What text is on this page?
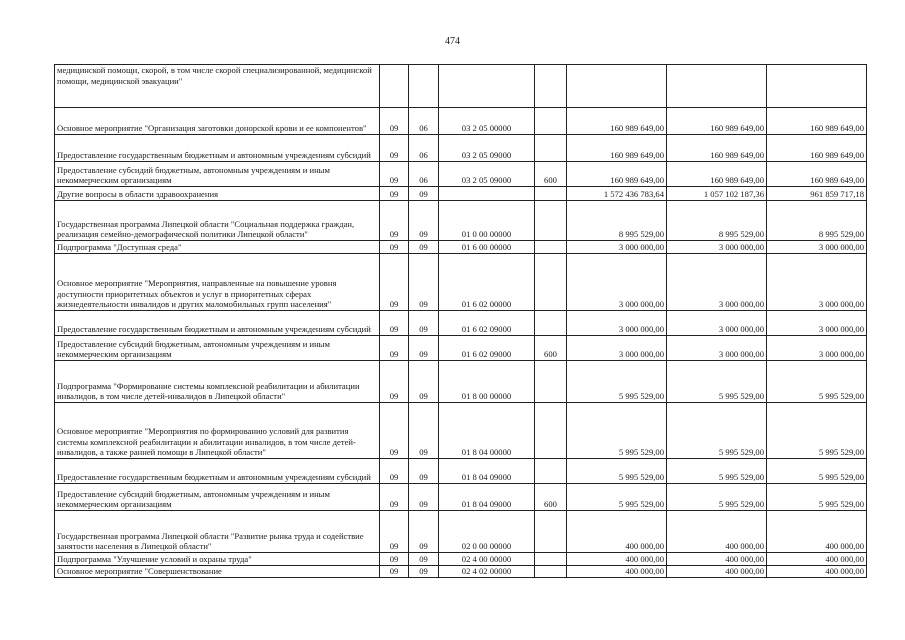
474
медицинской помощи, скорой, в том числе скорой специализированной, медицинской помощи, медицинской эвакуации"							
Основное мероприятие "Организация заготовки донорской крови и ее компонентов"	09	06	03 2 05 00000		160 989 649,00	160 989 649,00	160 989 649,00
Предоставление государственным бюджетным и автономным учреждениям субсидий	09	06	03 2 05 09000		160 989 649,00	160 989 649,00	160 989 649,00
Предоставление субсидий бюджетным, автономным учреждениям и иным некоммерческим организациям	09	06	03 2 05 09000	600	160 989 649,00	160 989 649,00	160 989 649,00
Другие вопросы в области здравоохранения	09	09			1 572 436 783,64	1 057 102 187,36	961 859 717,18
Государственная программа Липецкой области "Социальная поддержка граждан, реализация семейно-демографической политики Липецкой области"	09	09	01 0 00 00000		8 995 529,00	8 995 529,00	8 995 529,00
Подпрограмма "Доступная среда"	09	09	01 6 00 00000		3 000 000,00	3 000 000,00	3 000 000,00
Основное мероприятие "Мероприятия, направленные на повышение уровня доступности приоритетных объектов и услуг в приоритетных сферах жизнедеятельности инвалидов и других маломобильных групп населения"	09	09	01 6 02 00000		3 000 000,00	3 000 000,00	3 000 000,00
Предоставление государственным бюджетным и автономным учреждениям субсидий	09	09	01 6 02 09000		3 000 000,00	3 000 000,00	3 000 000,00
Предоставление субсидий бюджетным, автономным учреждениям и иным некоммерческим организациям	09	09	01 6 02 09000	600	3 000 000,00	3 000 000,00	3 000 000,00
Подпрограмма "Формирование системы комплексной реабилитации и абилитации инвалидов, в том числе детей-инвалидов в Липецкой области"	09	09	01 8 00 00000		5 995 529,00	5 995 529,00	5 995 529,00
Основное мероприятие "Мероприятия по формированию условий для развития системы комплексной реабилитации и абилитации инвалидов, в том числе детей-инвалидов, а также ранней помощи в Липецкой области"	09	09	01 8 04 00000		5 995 529,00	5 995 529,00	5 995 529,00
Предоставление государственным бюджетным и автономным учреждениям субсидий	09	09	01 8 04 09000		5 995 529,00	5 995 529,00	5 995 529,00
Предоставление субсидий бюджетным, автономным учреждениям и иным некоммерческим организациям	09	09	01 8 04 09000	600	5 995 529,00	5 995 529,00	5 995 529,00
Государственная программа Липецкой области "Развитие рынка труда и содействие занятости населения в Липецкой области"	09	09	02 0 00 00000		400 000,00	400 000,00	400 000,00
Подпрограмма "Улучшение условий и охраны труда"	09	09	02 4 00 00000		400 000,00	400 000,00	400 000,00
Основное мероприятие "Совершенствование	09	09	02 4 02 00000		400 000,00	400 000,00	400 000,00
